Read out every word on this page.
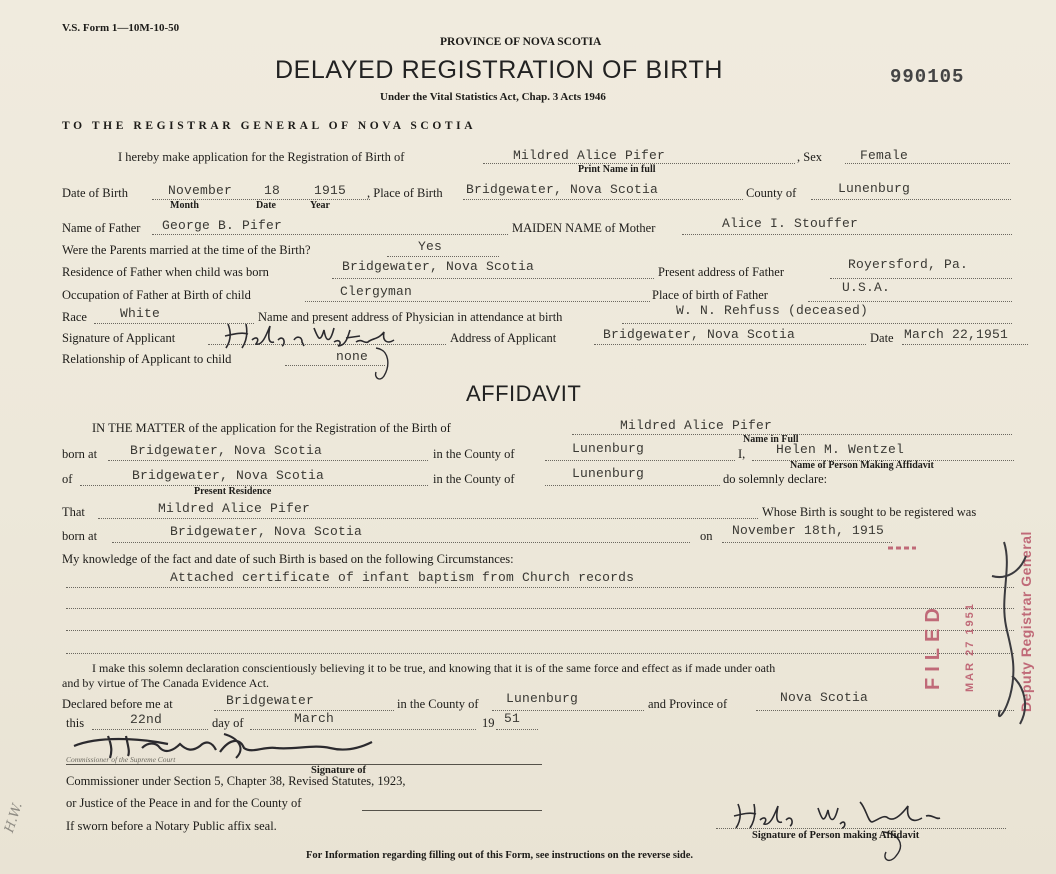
V.S. Form 1—10M-10-50
PROVINCE OF NOVA SCOTIA
DELAYED REGISTRATION OF BIRTH
Under the Vital Statistics Act, Chap. 3 Acts 1946
990105
TO THE REGISTRAR GENERAL OF NOVA SCOTIA
I hereby make application for the Registration of Birth of	Mildred Alice Pifer
Print Name in full
, Sex	Female
Date of Birth	November 18	1915
Month	Date	Year
, Place of Birth Bridgewater, Nova Scotia	County of	Lunenburg
Name of Father George B. Pifer	MAIDEN NAME of Mother	Alice I. Stouffer
Were the Parents married at the time of the Birth?	Yes
Residence of Father when child was born	Bridgewater, Nova Scotia	Present address of Father	Royersford, Pa.
Occupation of Father at Birth of child	Clergyman	Place of birth of Father	U.S.A.
Race	White	Name and present address of Physician in attendance at birth	W. N. Rehfuss (deceased)
Signature of Applicant	Address of Applicant	Bridgewater, Nova Scotia	Date March 22,1951
Relationship of Applicant to child	none
AFFIDAVIT
IN THE MATTER of the application for the Registration of the Birth of	Mildred Alice Pifer
Name in Full
born at	Bridgewater, Nova Scotia	in the County of	Lunenburg	I, Helen M. Wentzel
Name of Person Making Affidavit
of	Bridgewater, Nova Scotia
Present Residence
in the County of	Lunenburg	do solemnly declare:
That	Mildred Alice Pifer	Whose Birth is sought to be registered was
born at	Bridgewater, Nova Scotia	on November 18th, 1915
My knowledge of the fact and date of such Birth is based on the following Circumstances:
Attached certificate of infant baptism from Church records
I make this solemn declaration conscientiously believing it to be true, and knowing that it is of the same force and effect as if made under oath
and by virtue of The Canada Evidence Act.
Declared before me at	Bridgewater	in the County of Lunenburg	and Province of	Nova Scotia
this	22nd	day of	March	19 51
Commissioner of the Supreme Court
Signature of
Commissioner under Section 5, Chapter 38, Revised Statutes, 1923,
or Justice of the Peace in and for the County of
If sworn before a Notary Public affix seal.
Signature of Person making Affidavit
H.W.
FILED MAR 27 1951	Deputy Registrar General
For Information regarding filling out of this Form, see instructions on the reverse side.
